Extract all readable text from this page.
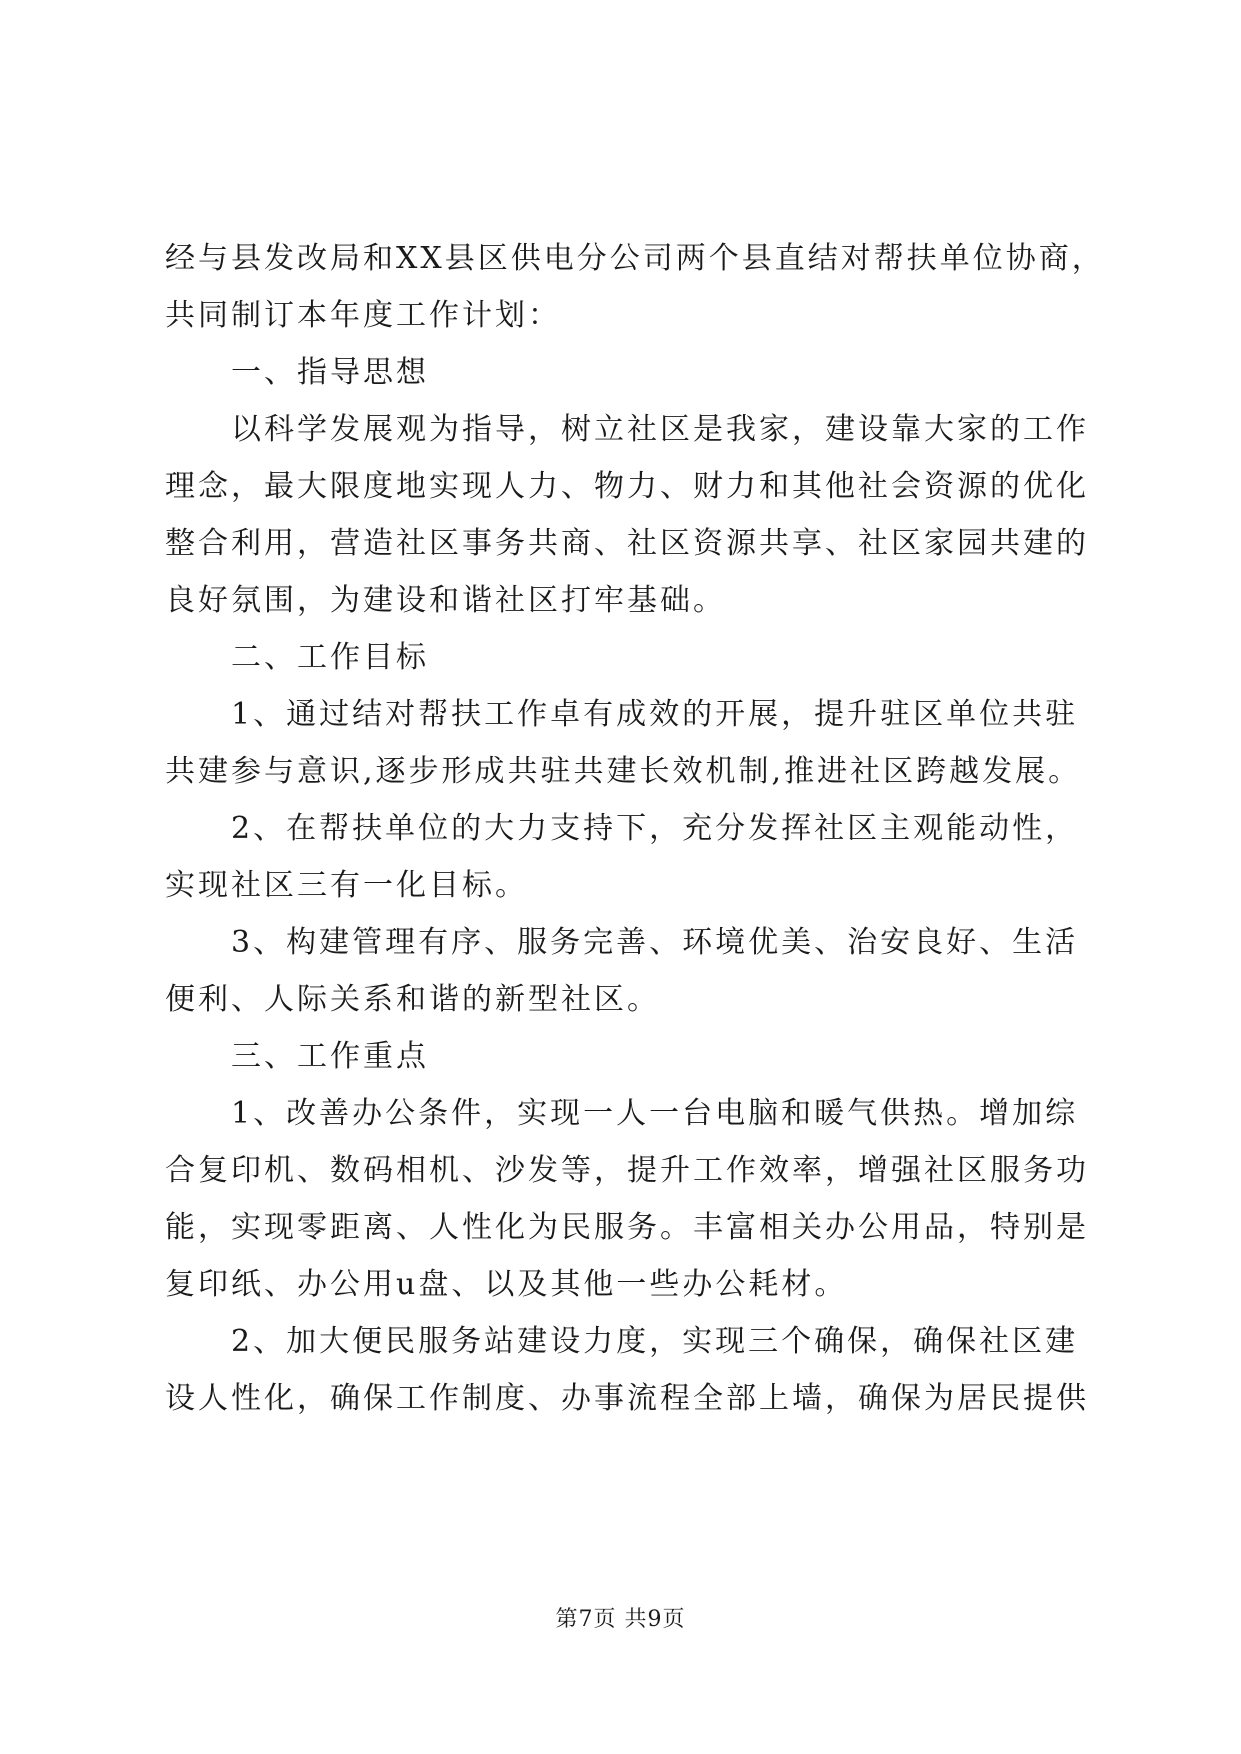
经与县发改局和XX县区供电分公司两个县直结对帮扶单位协商，
共同制订本年度工作计划：
一、指导思想
以科学发展观为指导，树立社区是我家，建设靠大家的工作
理念，最大限度地实现人力、物力、财力和其他社会资源的优化
整合利用，营造社区事务共商、社区资源共享、社区家园共建的
良好氛围，为建设和谐社区打牢基础。
二、工作目标
1、通过结对帮扶工作卓有成效的开展，提升驻区单位共驻
共建参与意识,逐步形成共驻共建长效机制,推进社区跨越发展。
2、在帮扶单位的大力支持下，充分发挥社区主观能动性，
实现社区三有一化目标。
3、构建管理有序、服务完善、环境优美、治安良好、生活
便利、人际关系和谐的新型社区。
三、工作重点
1、改善办公条件，实现一人一台电脑和暖气供热。增加综
合复印机、数码相机、沙发等，提升工作效率，增强社区服务功
能，实现零距离、人性化为民服务。丰富相关办公用品，特别是
复印纸、办公用u盘、以及其他一些办公耗材。
2、加大便民服务站建设力度，实现三个确保，确保社区建
设人性化，确保工作制度、办事流程全部上墙，确保为居民提供
第7页 共9页
